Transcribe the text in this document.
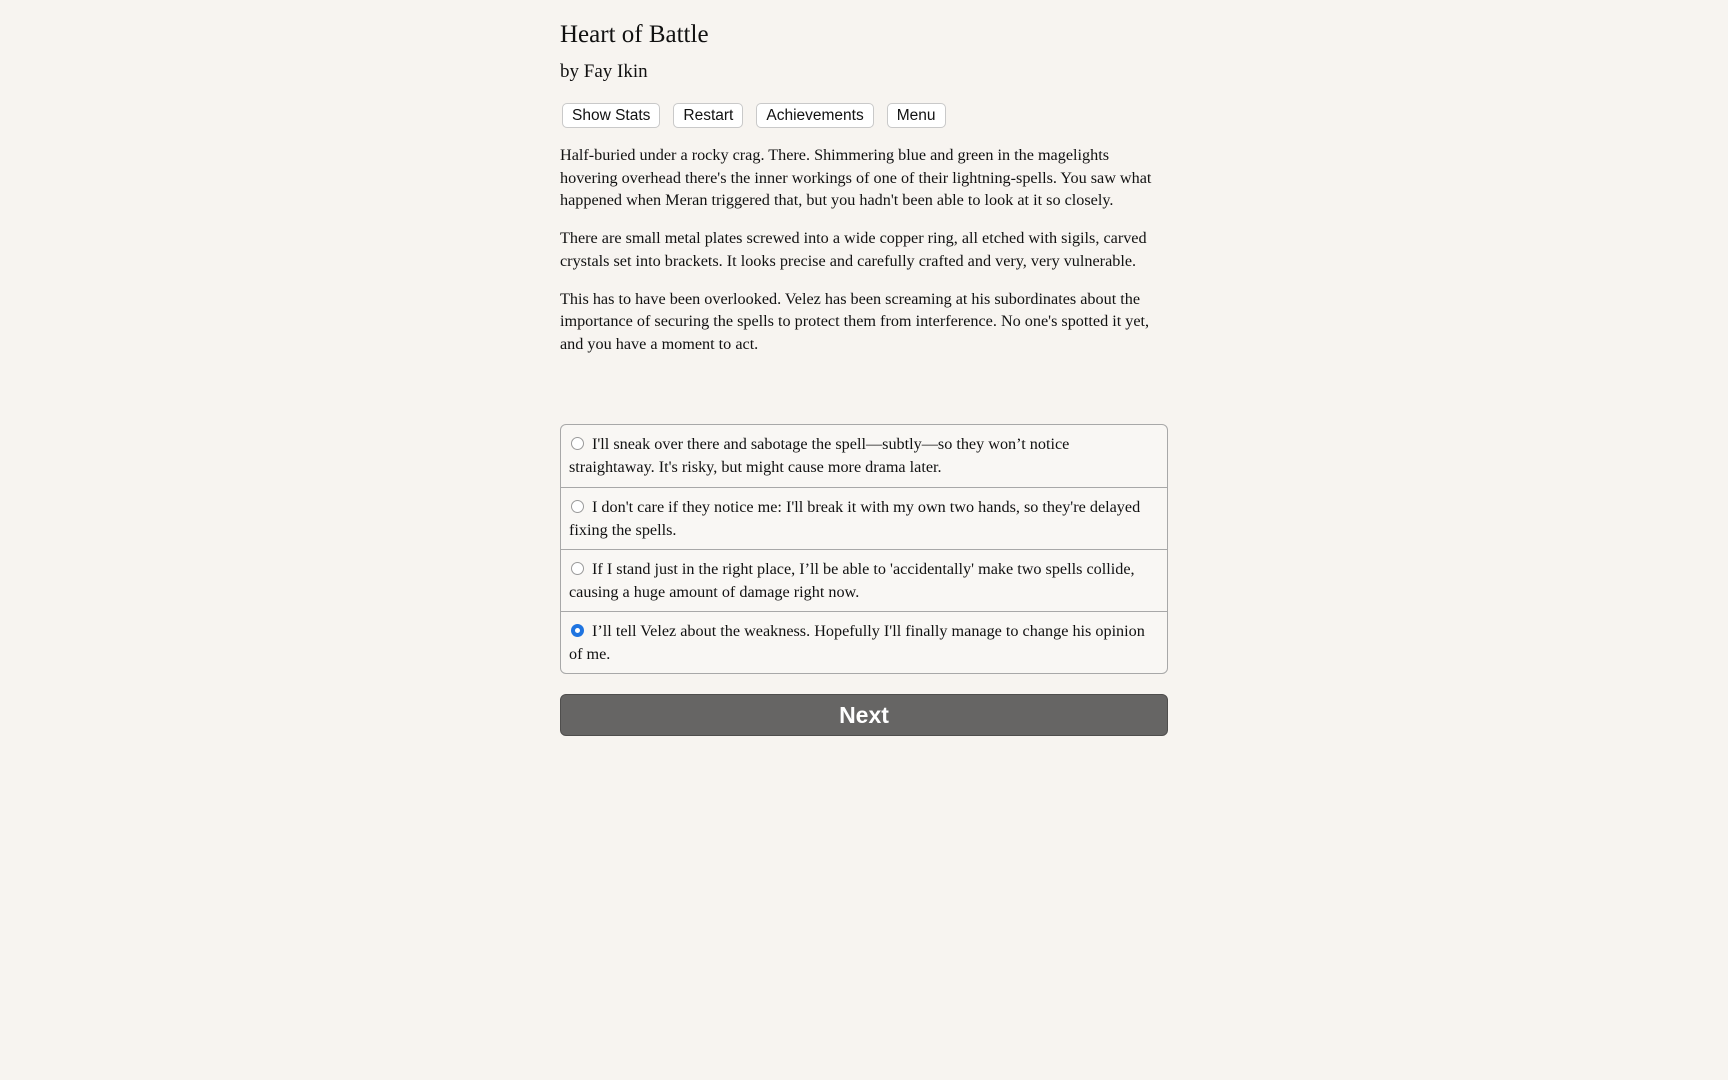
Heart of Battle
by Fay Ikin
Show Stats	Restart	Achievements	Menu

Half-buried under a rocky crag. There. Shimmering blue and green in the magelights hovering overhead there's the inner workings of one of their lightning-spells. You saw what happened when Meran triggered that, but you hadn't been able to look at it so closely.

There are small metal plates screwed into a wide copper ring, all etched with sigils, carved crystals set into brackets. It looks precise and carefully crafted and very, very vulnerable.

This has to have been overlooked. Velez has been screaming at his subordinates about the importance of securing the spells to protect them from interference. No one's spotted it yet, and you have a moment to act.

I'll sneak over there and sabotage the spell—subtly—so they won’t notice straightaway. It's risky, but might cause more drama later.
I don't care if they notice me: I'll break it with my own two hands, so they're delayed fixing the spells.
If I stand just in the right place, I’ll be able to 'accidentally' make two spells collide, causing a huge amount of damage right now.
I’ll tell Velez about the weakness. Hopefully I'll finally manage to change his opinion of me.
Next
